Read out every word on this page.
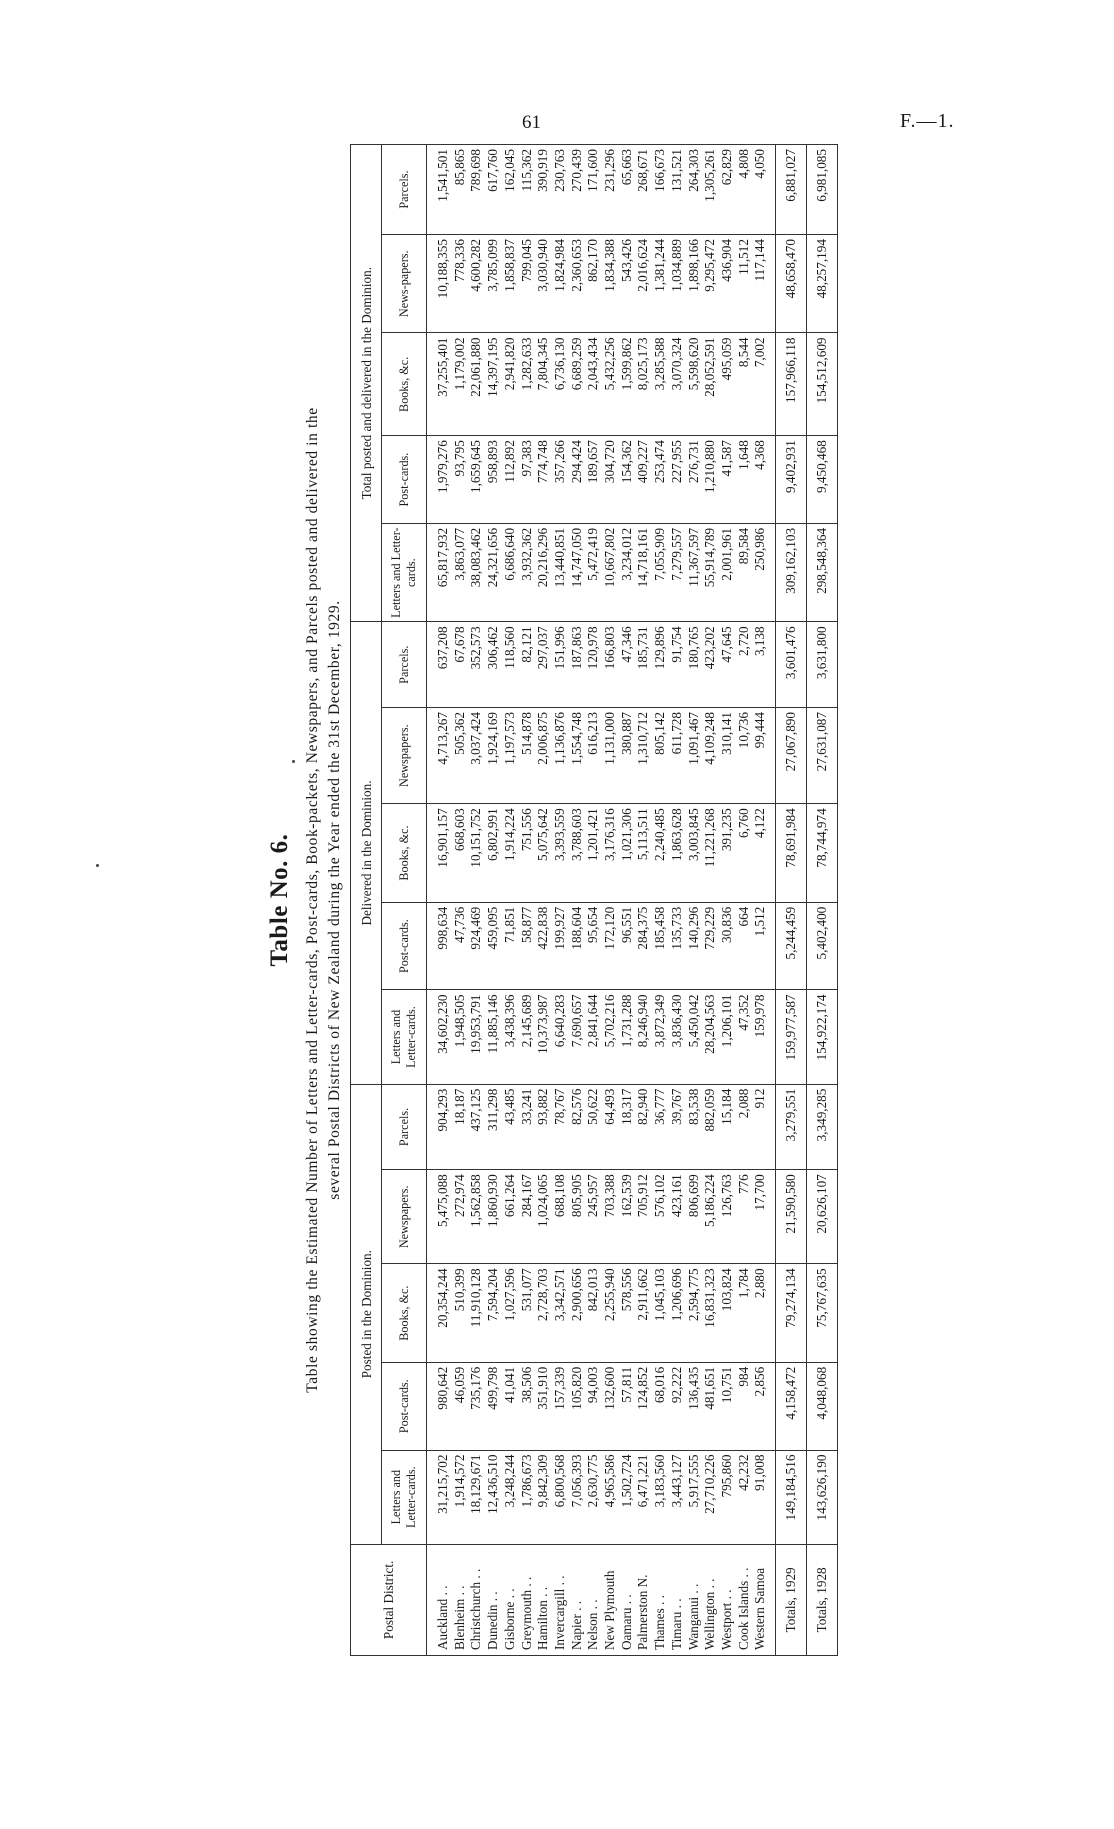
61	F.—1.
Table No. 6. Table showing the Estimated Number of Letters and Letter-cards, Post-cards, Book-packets, Newspapers, and Parcels posted and delivered in the several Postal Districts of New Zealand during the Year ended the 31st December, 1929.

Postal District.	Posted in the Dominion.					Delivered in the Dominion.					Total posted and delivered in the Dominion.				
	Letters and Letter-cards.	Post-cards.	Books, &c.	Newspapers.	Parcels.	Letters and Letter-cards.	Post-cards.	Books, &c.	Newspapers.	Parcels.	Letters and Letter-cards.	Post-cards.	Books, &c.	News-papers.	Parcels.
Auckland . .	31,215,702	980,642	20,354,244	5,475,088	904,293	34,602,230	998,634	16,901,157	4,713,267	637,208	65,817,932	1,979,276	37,255,401	10,188,355	1,541,501
Blenheim . .	1,914,572	46,059	510,399	272,974	18,187	1,948,505	47,736	668,603	505,362	67,678	3,863,077	93,795	1,179,002	778,336	85,865
Christchurch . .	18,129,671	735,176	11,910,128	1,562,858	437,125	19,953,791	924,469	10,151,752	3,037,424	352,573	38,083,462	1,659,645	22,061,880	4,600,282	789,698
Dunedin . .	12,436,510	499,798	7,594,204	1,860,930	311,298	11,885,146	459,095	6,802,991	1,924,169	306,462	24,321,656	958,893	14,397,195	3,785,099	617,760
Gisborne . .	3,248,244	41,041	1,027,596	661,264	43,485	3,438,396	71,851	1,914,224	1,197,573	118,560	6,686,640	112,892	2,941,820	1,858,837	162,045
Greymouth . .	1,786,673	38,506	531,077	284,167	33,241	2,145,689	58,877	751,556	514,878	82,121	3,932,362	97,383	1,282,633	799,045	115,362
Hamilton . .	9,842,309	351,910	2,728,703	1,024,065	93,882	10,373,987	422,838	5,075,642	2,006,875	297,037	20,216,296	774,748	7,804,345	3,030,940	390,919
Invercargill . .	6,800,568	157,339	3,342,571	688,108	78,767	6,640,283	199,927	3,393,559	1,136,876	151,996	13,440,851	357,266	6,736,130	1,824,984	230,763
Napier . .	7,056,393	105,820	2,900,656	805,905	82,576	7,690,657	188,604	3,788,603	1,554,748	187,863	14,747,050	294,424	6,689,259	2,360,653	270,439
Nelson . .	2,630,775	94,003	842,013	245,957	50,622	2,841,644	95,654	1,201,421	616,213	120,978	5,472,419	189,657	2,043,434	862,170	171,600
New Plymouth	4,965,586	132,600	2,255,940	703,388	64,493	5,702,216	172,120	3,176,316	1,131,000	166,803	10,667,802	304,720	5,432,256	1,834,388	231,296
Oamaru . .	1,502,724	57,811	578,556	162,539	18,317	1,731,288	96,551	1,021,306	380,887	47,346	3,234,012	154,362	1,599,862	543,426	65,663
Palmerston N.	6,471,221	124,852	2,911,662	705,912	82,940	8,246,940	284,375	5,113,511	1,310,712	185,731	14,718,161	409,227	8,025,173	2,016,624	268,671
Thames . .	3,183,560	68,016	1,045,103	576,102	36,777	3,872,349	185,458	2,240,485	805,142	129,896	7,055,909	253,474	3,285,588	1,381,244	166,673
Timaru . .	3,443,127	92,222	1,206,696	423,161	39,767	3,836,430	135,733	1,863,628	611,728	91,754	7,279,557	227,955	3,070,324	1,034,889	131,521
Wanganui . .	5,917,555	136,435	2,594,775	806,699	83,538	5,450,042	140,296	3,003,845	1,091,467	180,765	11,367,597	276,731	5,598,620	1,898,166	264,303
Wellington . .	27,710,226	481,651	16,831,323	5,186,224	882,059	28,204,563	729,229	11,221,268	4,109,248	423,202	55,914,789	1,210,880	28,052,591	9,295,472	1,305,261
Westport . .	795,860	10,751	103,824	126,763	15,184	1,206,101	30,836	391,235	310,141	47,645	2,001,961	41,587	495,059	436,904	62,829
Cook Islands . .	42,232	984	1,784	776	2,088	47,352	664	6,760	10,736	2,720	89,584	1,648	8,544	11,512	4,808
Western Samoa	91,008	2,856	2,880	17,700	912	159,978	1,512	4,122	99,444	3,138	250,986	4,368	7,002	117,144	4,050
Totals, 1929	149,184,516	4,158,472	79,274,134	21,590,580	3,279,551	159,977,587	5,244,459	78,691,984	27,067,890	3,601,476	309,162,103	9,402,931	157,966,118	48,658,470	6,881,027
Totals, 1928	143,626,190	4,048,068	75,767,635	20,626,107	3,349,285	154,922,174	5,402,400	78,744,974	27,631,087	3,631,800	298,548,364	9,450,468	154,512,609	48,257,194	6,981,085
